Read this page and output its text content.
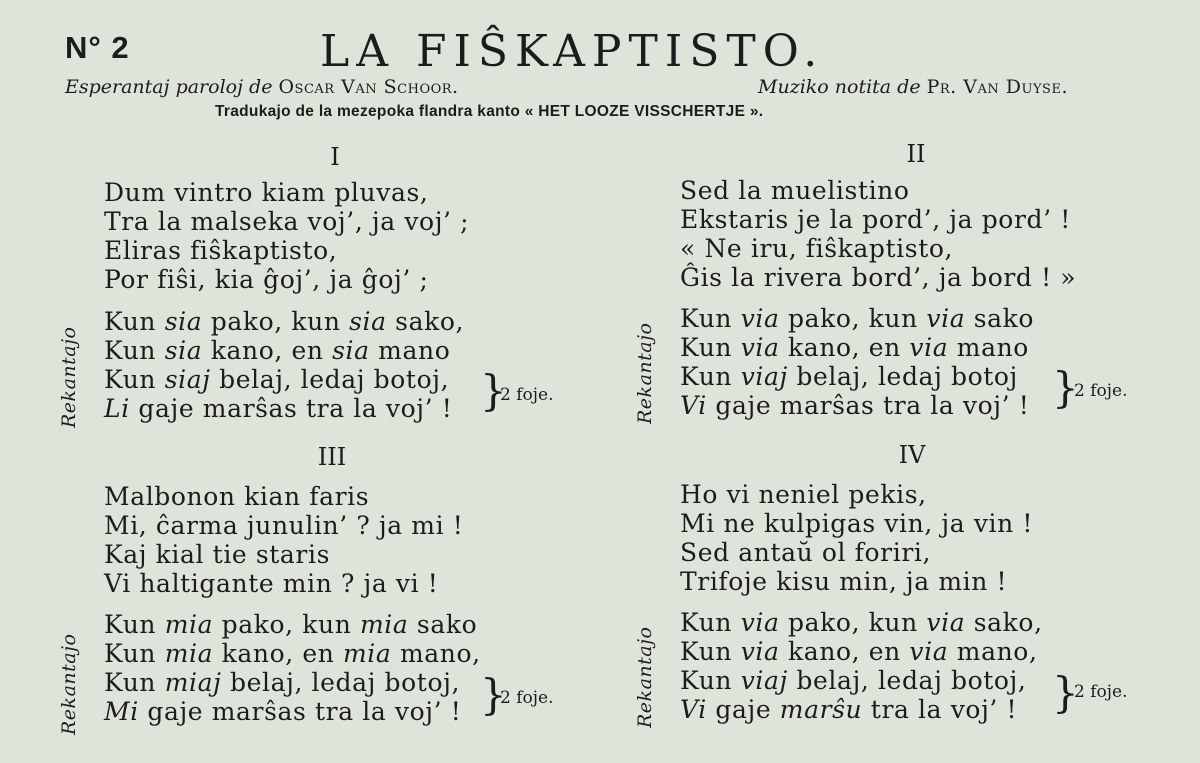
N° 2	LA FIŜKAPTISTO.
Esperantaj paroloj de Oscar Van Schoor.	Muziko notita de Pr. Van Duyse.
Tradukajo de la mezepoka flandra kanto « HET LOOZE VISSCHERTJE ».
I
Dum vintro kiam pluvas,
Tra la malseka voj’, ja voj’ ;
Eliras fiŝkaptisto,
Por fiŝi, kia ĝoj’, ja ĝoj’ ;
Rekantajo
Kun sia pako, kun sia sako,
Kun sia kano, en sia mano
Kun siaj belaj, ledaj botoj,
Li gaje marŝas tra la voj’ ! }
2 foje.
II
Sed la muelistino
Ekstaris je la pord’, ja pord’ !
« Ne iru, fiŝkaptisto,
Ĝis la rivera bord’, ja bord ! »
Rekantajo
Kun via pako, kun via sako
Kun via kano, en via mano
Kun viaj belaj, ledaj botoj
Vi gaje marŝas tra la voj’ ! }
2 foje.
III
Malbonon kian faris
Mi, ĉarma junulin’ ? ja mi !
Kaj kial tie staris
Vi haltigante min ? ja vi !
Rekantajo
Kun mia pako, kun mia sako
Kun mia kano, en mia mano,
Kun miaj belaj, ledaj botoj,
Mi gaje marŝas tra la voj’ ! }
2 foje.
IV
Ho vi neniel pekis,
Mi ne kulpigas vin, ja vin !
Sed antaŭ ol foriri,
Trifoje kisu min, ja min !
Rekantajo
Kun via pako, kun via sako,
Kun via kano, en via mano,
Kun viaj belaj, ledaj botoj,
Vi gaje marŝu tra la voj’ ! }
2 foje.
